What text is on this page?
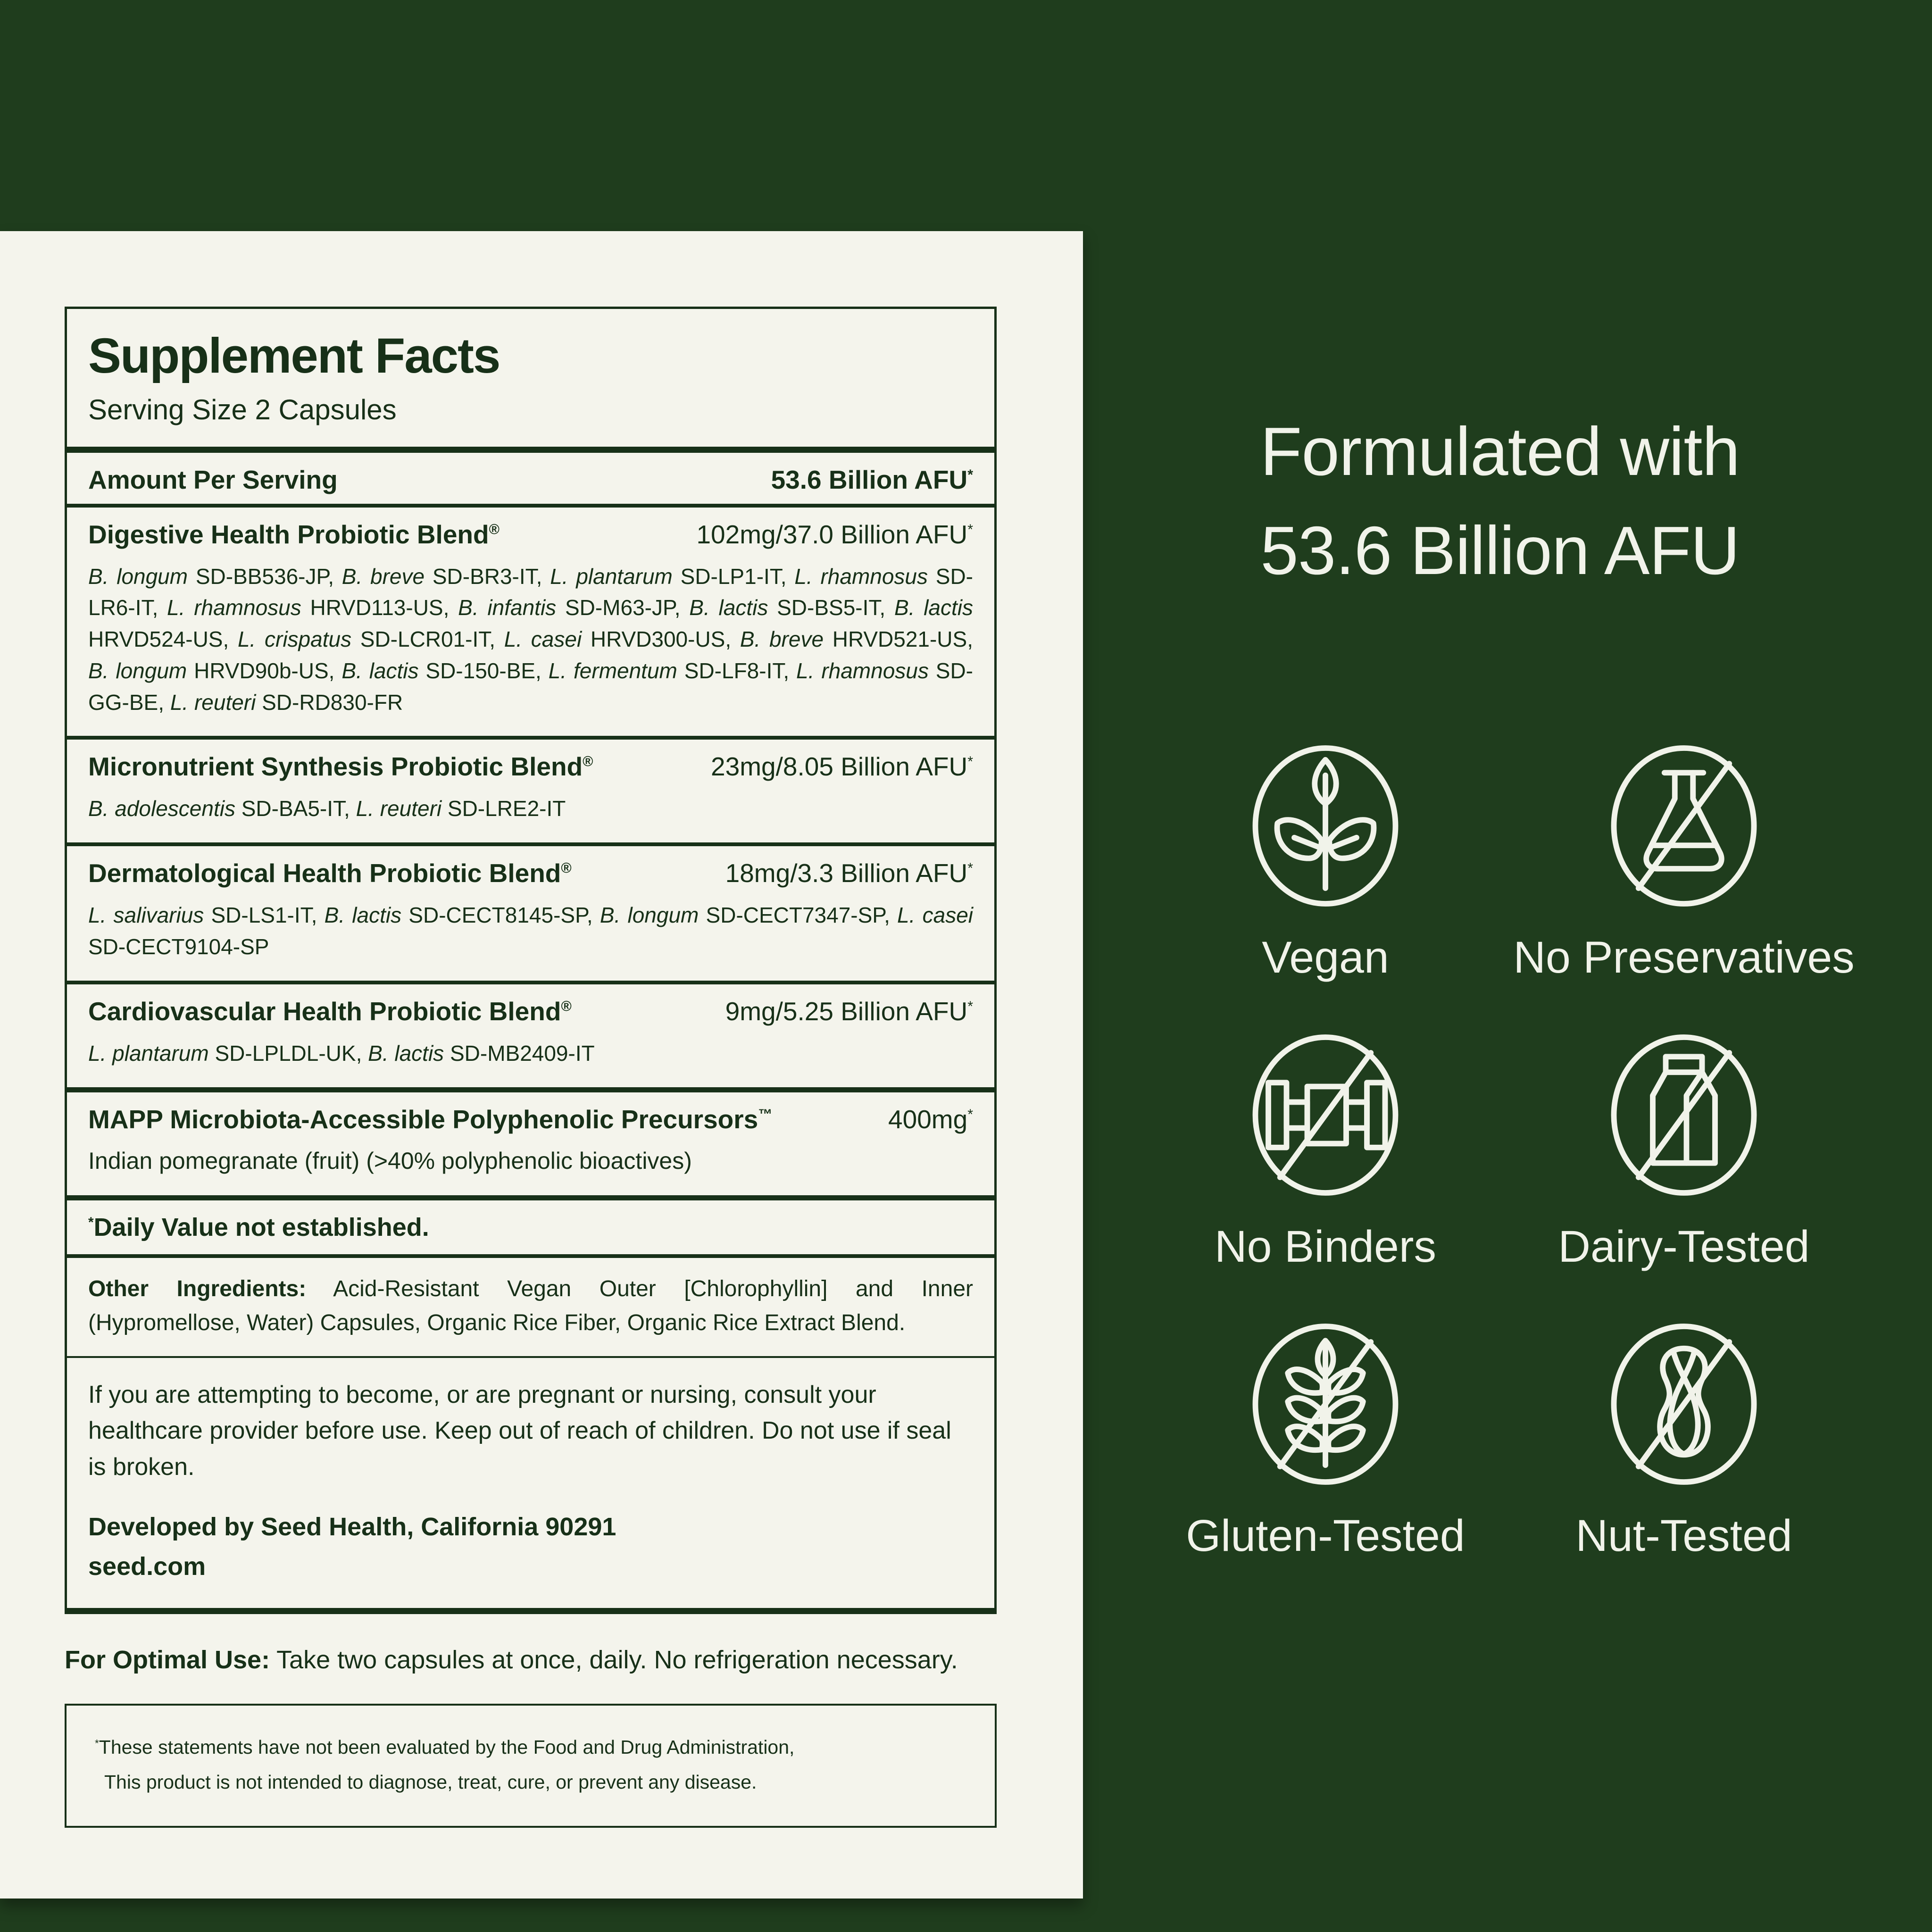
Supplement Facts

Serving Size 2 Capsules

Amount Per Serving	53.6 Billion AFU*
Digestive Health Probiotic Blend®	102mg/37.0 Billion AFU*

B. longum SD-BB536-JP, B. breve SD-BR3-IT, L. plantarum SD-LP1-IT, L. rhamnosus SD-LR6-IT, L. rhamnosus HRVD113-US, B. infantis SD-M63-JP, B. lactis SD-BS5-IT, B. lactis HRVD524-US, L. crispatus SD-LCR01-IT, L. casei HRVD300-US, B. breve HRVD521-US, B. longum HRVD90b-US, B. lactis SD-150-BE, L. fermentum SD-LF8-IT, L. rhamnosus SD-GG-BE, L. reuteri SD-RD830-FR

Micronutrient Synthesis Probiotic Blend®	23mg/8.05 Billion AFU*

B. adolescentis SD-BA5-IT, L. reuteri SD-LRE2-IT

Dermatological Health Probiotic Blend®	18mg/3.3 Billion AFU*

L. salivarius SD-LS1-IT, B. lactis SD-CECT8145-SP, B. longum SD-CECT7347-SP, L. casei SD-CECT9104-SP

Cardiovascular Health Probiotic Blend®	9mg/5.25 Billion AFU*

L. plantarum SD-LPLDL-UK, B. lactis SD-MB2409-IT

MAPP Microbiota-Accessible Polyphenolic Precursors™	400mg*

Indian pomegranate (fruit) (>40% polyphenolic bioactives)

*Daily Value not established.

Other Ingredients: Acid-Resistant Vegan Outer [Chlorophyllin] and Inner (Hypromellose, Water) Capsules, Organic Rice Fiber, Organic Rice Extract Blend.

If you are attempting to become, or are pregnant or nursing, consult your healthcare provider before use. Keep out of reach of children. Do not use if seal is broken.

Developed by Seed Health, California 90291

seed.com

For Optimal Use: Take two capsules at once, daily. No refrigeration necessary.

*These statements have not been evaluated by the Food and Drug Administration,
This product is not intended to diagnose, treat, cure, or prevent any disease.
Formulated with
53.6 Billion AFU
Vegan	No Preservatives
No Binders	Dairy-Tested
Gluten-Tested Nut-Tested
